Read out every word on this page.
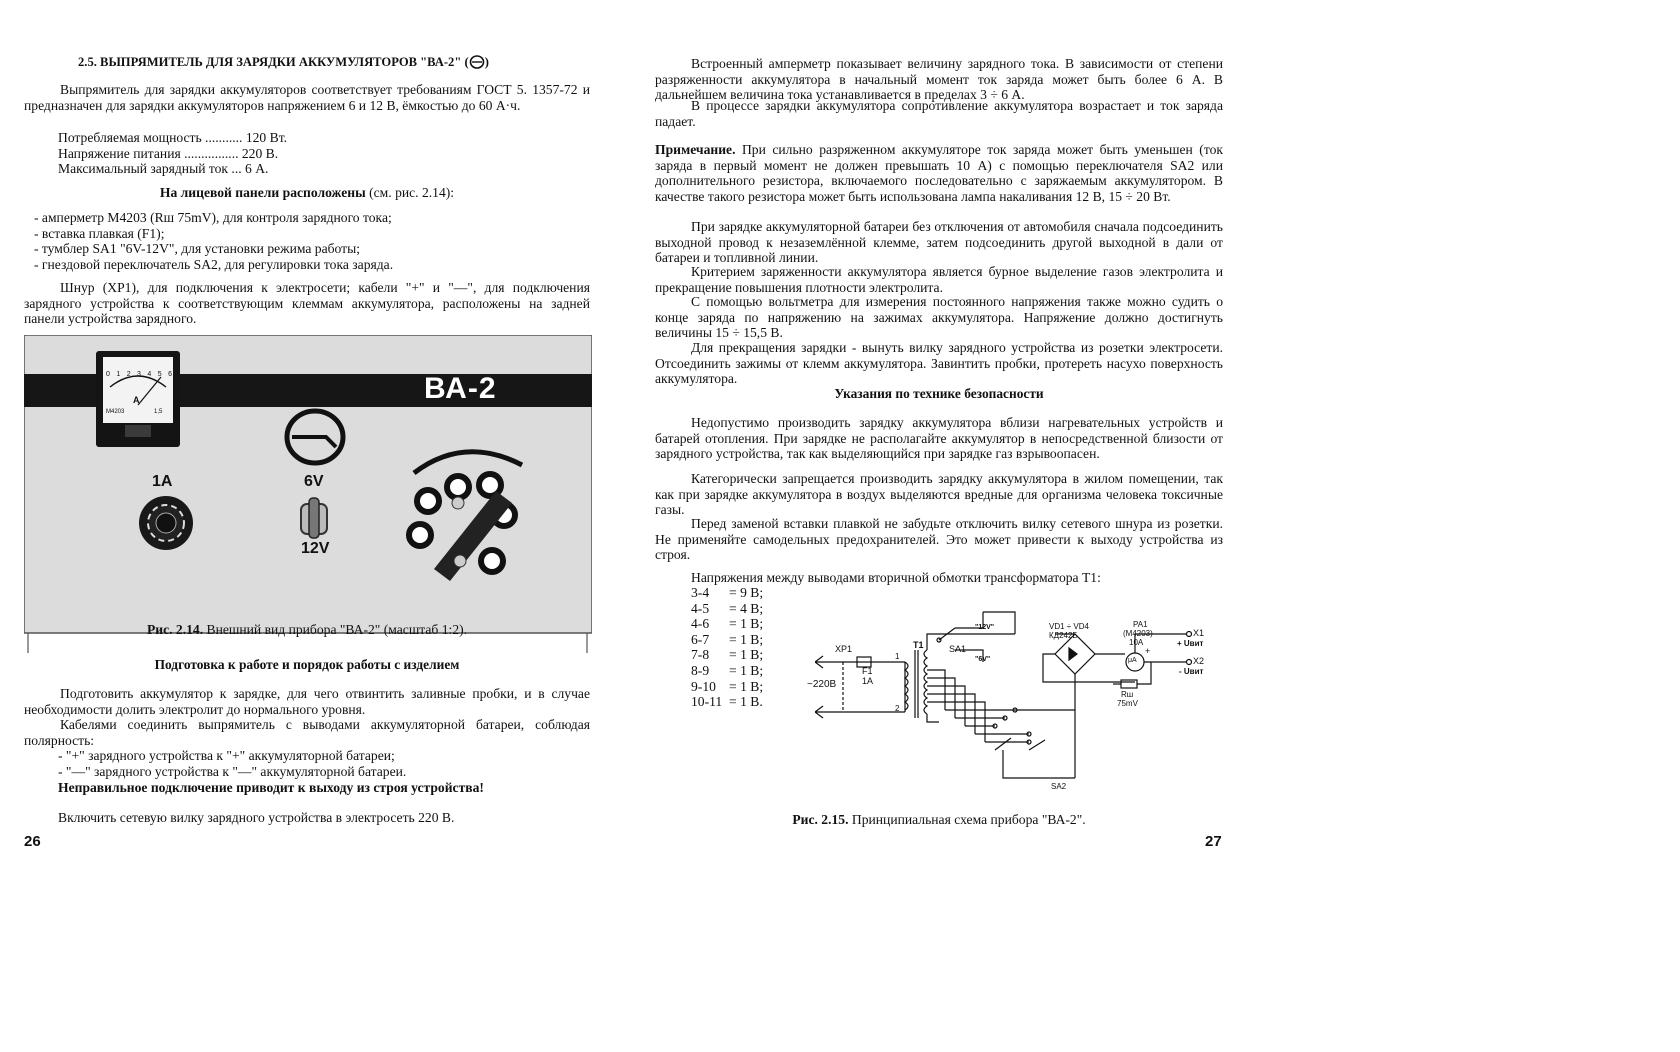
2.5. ВЫПРЯМИТЕЛЬ ДЛЯ ЗАРЯДКИ АККУМУЛЯТОРОВ "ВА-2" ( )

Выпрямитель для зарядки аккумуляторов соответствует требованиям ГОСТ 5. 1357-72 и предназначен для зарядки аккумуляторов напряжением 6 и 12 В, ёмкостью до 60 А·ч.

Потребляемая мощность ........... 120 Вт.
Напряжение питания ................ 220 В.
Максимальный зарядный ток ... 6 А.

На лицевой панели расположены (см. рис. 2.14):

- амперметр М4203 (Rш 75mV), для контроля зарядного тока;
- вставка плавкая (F1);
- тумблер SA1 "6V-12V", для установки режима работы;
- гнездовой переключатель SA2, для регулировки тока заряда.

Шнур (XP1), для подключения к электросети; кабели "+" и "—", для подключения зарядного устройства к соответствующим клеммам аккумулятора, расположены на задней панели устройства зарядного.

0 1 2 3 4 5 6
A
М4203	1,5
ВА-2
1А	6V
12V

Рис. 2.14. Внешний вид прибора "ВА-2" (масштаб 1:2).

Подготовка к работе и порядок работы с изделием

Подготовить аккумулятор к зарядке, для чего отвинтить заливные пробки, и в случае необходимости долить электролит до нормального уровня.

Кабелями соединить выпрямитель с выводами аккумуляторной батареи, соблюдая полярность:

- "+" зарядного устройства к "+" аккумуляторной батареи;
- "—" зарядного устройства к "—" аккумуляторной батареи.

Неправильное подключение приводит к выходу из строя устройства!

Включить сетевую вилку зарядного устройства в электросеть 220 В.

26

Встроенный амперметр показывает величину зарядного тока. В зависимости от степени разряженности аккумулятора в начальный момент ток заряда может быть более 6 А. В дальнейшем величина тока устанавливается в пределах 3 ÷ 6 А.

В процессе зарядки аккумулятора сопротивление аккумулятора возрастает и ток заряда падает.

Примечание. При сильно разряженном аккумуляторе ток заряда может быть уменьшен (ток заряда в первый момент не должен превышать 10 А) с помощью переключателя SA2 или дополнительного резистора, включаемого последовательно с заряжаемым аккумулятором. В качестве такого резистора может быть использована лампа накаливания 12 В, 15 ÷ 20 Вт.

При зарядке аккумуляторной батареи без отключения от автомобиля сначала подсоединить выходной провод к незаземлённой клемме, затем подсоединить другой выходной в дали от батареи и топливной линии.

Критерием заряженности аккумулятора является бурное выделение газов электролита и прекращение повышения плотности электролита.

С помощью вольтметра для измерения постоянного напряжения также можно судить о конце заряда по напряжению на зажимах аккумулятора. Напряжение должно достигнуть величины 15 ÷ 15,5 В.

Для прекращения зарядки - вынуть вилку зарядного устройства из розетки электросети. Отсоединить зажимы от клемм аккумулятора. Завинтить пробки, протереть насухо поверхность аккумулятора.

Указания по технике безопасности

Недопустимо производить зарядку аккумулятора вблизи нагревательных устройств и батарей отопления. При зарядке не располагайте аккумулятор в непосредственной близости от зарядного устройства, так как выделяющийся при зарядке газ взрывоопасен.

Категорически запрещается производить зарядку аккумулятора в жилом помещении, так как при зарядке аккумулятора в воздух выделяются вредные для организма человека токсичные газы.

Перед заменой вставки плавкой не забудьте отключить вилку сетевого шнура из розетки. Не применяйте самодельных предохранителей. Это может привести к выходу устройства из строя.

Напряжения между выводами вторичной обмотки трансформатора Т1:

3-4 = 9 В;
4-5 = 4 В;
4-6 = 1 В;
6-7 = 1 В;
7-8 = 1 В;
8-9 = 1 В;
9-10 = 1 В;
10-11 = 1 В.
XP1
F1
1А
~220В
T1	SA1
"12V"
"6V"
1
2
VD1 ÷ VD4
КД242Б
PA1
(М4203)
10А
μA
+
Rш
75mV
X1
+ Uвит
X2
- Uвит
SA2

Рис. 2.15. Принципиальная схема прибора "ВА-2".

27
